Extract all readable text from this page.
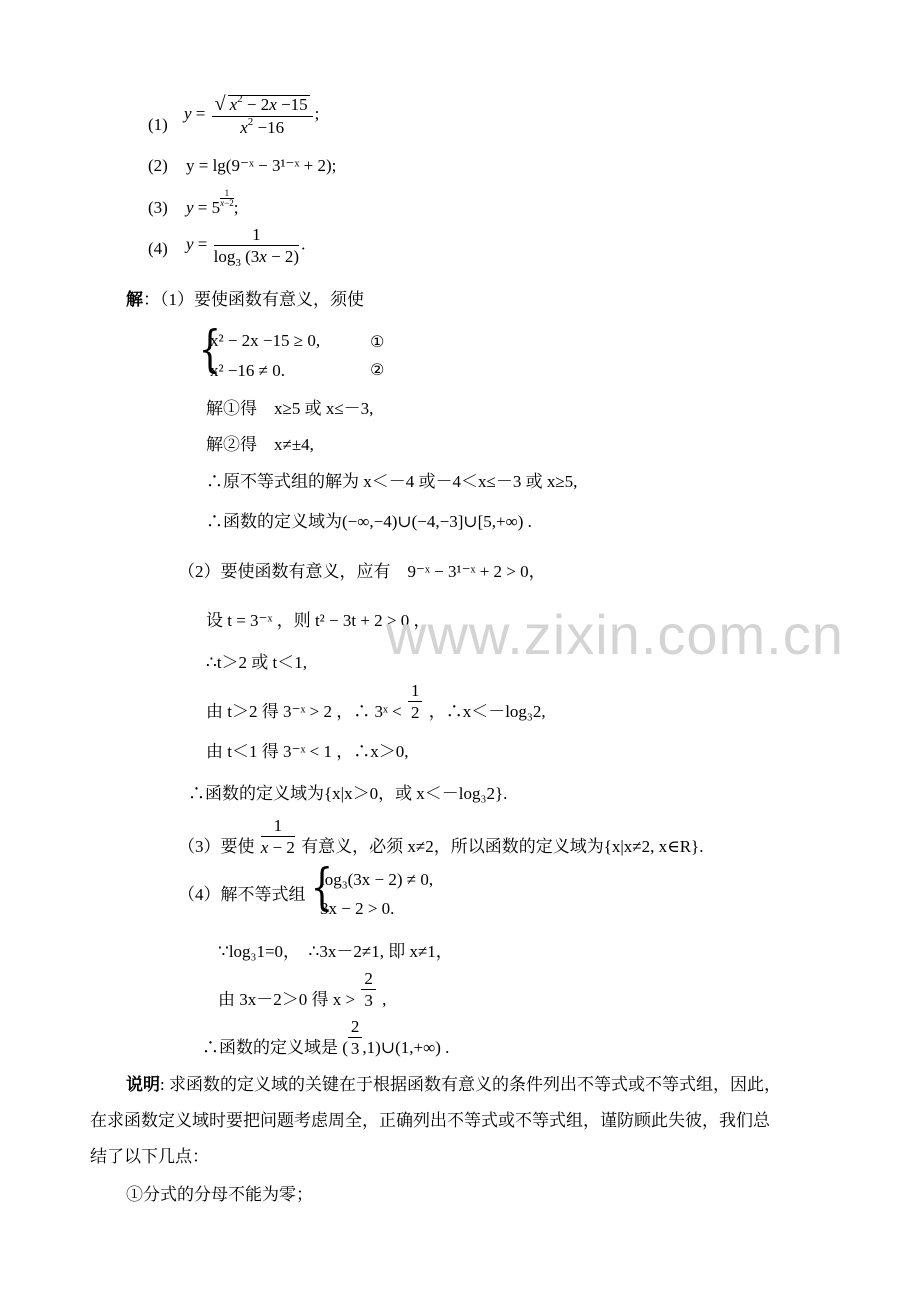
(1)
$y = \frac{√ x^2 - 2x -15}{x^2 -16}$ ;
(2) y = lg(9⁻ˣ − 3¹⁻ˣ + 2);
(3) $y = 5 \frac{1}{x-2}$ ;
(4) $y = \frac{1}{\log_3 (3x - 2)}$ .
解：（1）要使函数有意义，须使
{
x² − 2x −15 ≥ 0,
x² −16 ≠ 0.
①
②
解①得　x≥5 或 x≤－3,
解②得　x≠±4,
∴原不等式组的解为 x＜－4 或－4＜x≤－3 或 x≥5,
∴函数的定义域为(−∞,−4)∪(−4,−3]∪[5,+∞) .
（2）要使函数有意义，应有　9⁻ˣ − 3¹⁻ˣ + 2 > 0，
设 t = 3⁻ˣ ，则 t² − 3t + 2 > 0 ，
∴t＞2 或 t＜1,
由 t＞2 得 3⁻ˣ > 2 ，∴ 3ˣ < $\frac{1}{2}$ ，∴x＜－log₃2,
由 t＜1 得 3⁻ˣ < 1 ，∴x＞0,
∴函数的定义域为{x|x＞0，或 x＜－log₃2}.
（3）要使 $\frac{1}{x - 2}$ 有意义，必须 x≠2，所以函数的定义域为{x|x≠2, x∈R}.
（4）解不等式组 {
log₃(3x − 2) ≠ 0,
3x − 2 > 0.
∵log₃1=0，　∴3x－2≠1, 即 x≠1，
由 3x－2＞0 得 $x > \frac{2}{3}$ ,
∴函数的定义域是 ( $\frac{2}{3}$ ,1)∪(1,+∞) .
说明: 求函数的定义域的关键在于根据函数有意义的条件列出不等式或不等式组，因此，
在求函数定义域时要把问题考虑周全，正确列出不等式或不等式组，谨防顾此失彼，我们总
结了以下几点：
①分式的分母不能为零；
www.zixin.com.cn
